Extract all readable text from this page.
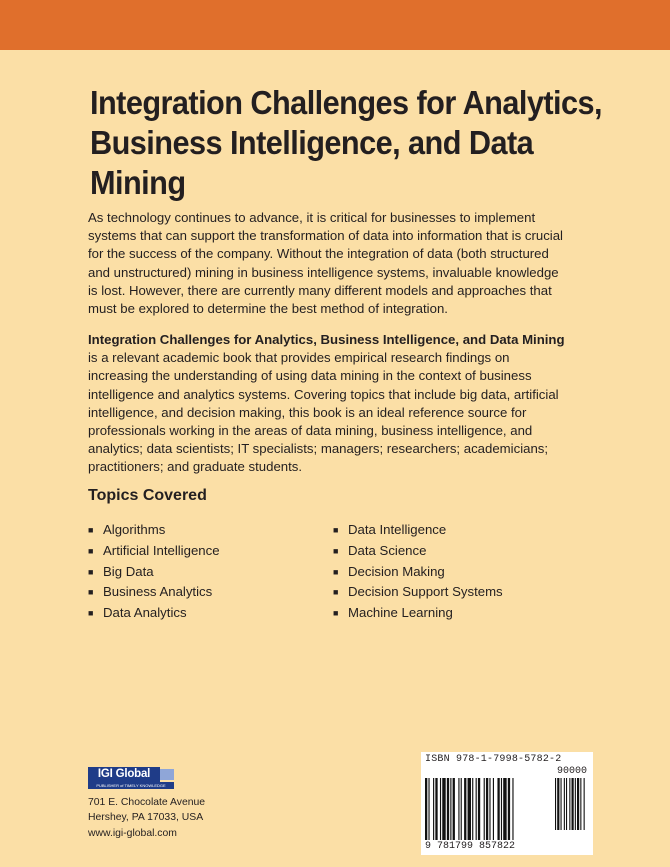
Integration Challenges for Analytics, Business Intelligence, and Data Mining

As technology continues to advance, it is critical for businesses to implement systems that can support the transformation of data into information that is crucial for the success of the company. Without the integration of data (both structured and unstructured) mining in business intelligence systems, invaluable knowledge is lost. However, there are currently many different models and approaches that must be explored to determine the best method of integration.

Integration Challenges for Analytics, Business Intelligence, and Data Mining is a relevant academic book that provides empirical research findings on increasing the understanding of using data mining in the context of business intelligence and analytics systems. Covering topics that include big data, artificial intelligence, and decision making, this book is an ideal reference source for professionals working in the areas of data mining, business intelligence, and analytics; data scientists; IT specialists; managers; researchers; academicians; practitioners; and graduate students.

Topics Covered
■ Algorithms
■ Artificial Intelligence
■ Big Data
■ Business Analytics
■ Data Analytics
■ Data Intelligence
■ Data Science
■ Decision Making
■ Decision Support Systems
■ Machine Learning
IGI Global
PUBLISHER of TIMELY KNOWLEDGE
701 E. Chocolate Avenue
Hershey, PA 17033, USA
www.igi-global.com
ISBN 978-1-7998-5782-2
90000
9 781799 857822
